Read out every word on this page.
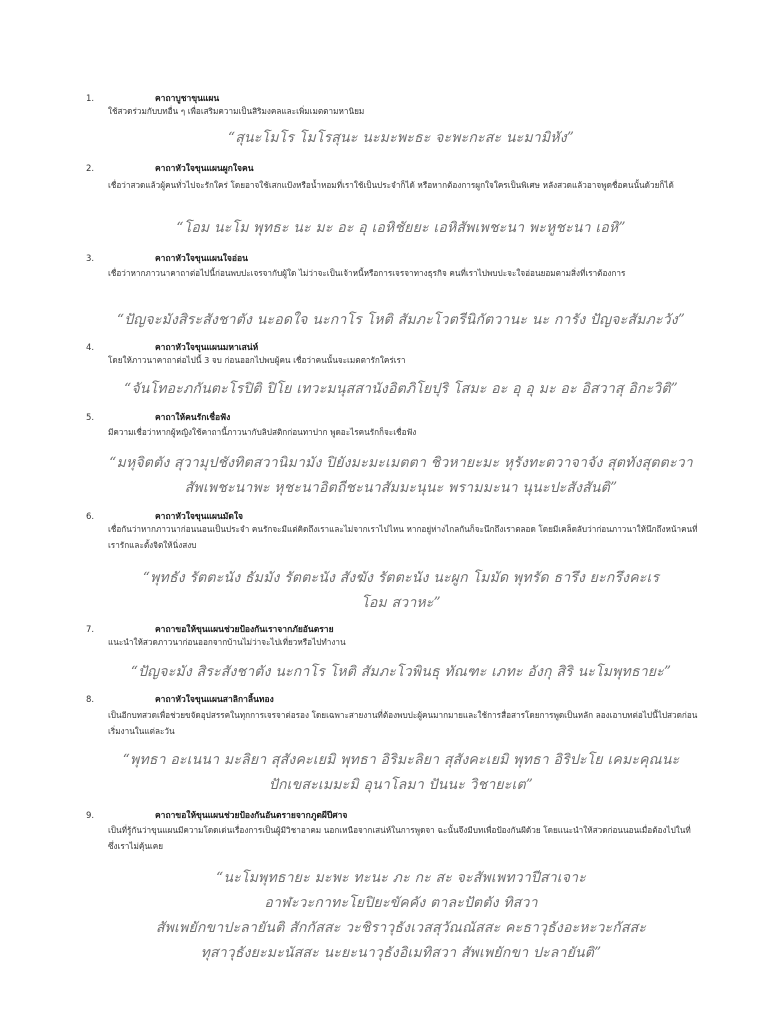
1.	คาถาบูชาขุนแผน
ใช้สวดร่วมกับบทอื่น ๆ เพื่อเสริมความเป็นสิริมงคลและเพิ่มเมตตามหานิยม
“สุนะโมโร โมโรสุนะ นะมะพะธะ จะพะกะสะ นะมามิหัง”
2.	คาถาหัวใจขุนแผนผูกใจคน
เชื่อว่าสวดแล้วผู้คนทั่วไปจะรักใคร่ โดยอาจใช้เสกแป้งหรือน้ำหอมที่เราใช้เป็นประจำก็ได้ หรือหากต้องการผูกใจใครเป็นพิเศษ หลังสวดแล้วอาจพูดชื่อคนนั้นด้วยก็ได้
“โอม นะโม พุทธะ นะ มะ อะ อุ เอหิชัยยะ เอหิสัพเพชะนา พะหูชะนา เอหิ”
3.	คาถาหัวใจขุนแผนใจอ่อน
เชื่อว่าหากภาวนาคาถาต่อไปนี้ก่อนพบปะเจรจากับผู้ใด ไม่ว่าจะเป็นเจ้าหนี้หรือการเจรจาทางธุรกิจ คนที่เราไปพบปะจะใจอ่อนยอมตามสิ่งที่เราต้องการ
“ปัญจะมังสิระสังชาตัง นะอดใจ นะกาโร โหติ สัมภะโวตรีนิกัตวานะ นะ การัง ปัญจะสัมภะวัง”
4.	คาถาหัวใจขุนแผนมหาเสน่ห์
โดยให้ภาวนาคาถาต่อไปนี้ 3 จบ ก่อนออกไปพบผู้คน เชื่อว่าคนนั้นจะเมตตารักใคร่เรา
“จันโทอะภกันตะโรปิติ ปิโย เทวะมนุสสานังอิตภิโยปุริ โสมะ อะ อุ อุ มะ อะ อิสวาสุ อิกะวิติ”
5.	คาถาให้คนรักเชื่อฟัง
มีความเชื่อว่าหากผู้หญิงใช้คาถานี้ภาวนากับลิปสติกก่อนทาปาก พูดอะไรคนรักก็จะเชื่อฟัง
“มหุจิตตัง สุวามุปชังทิตสวานิมามัง ปิยังมะมะเมตตา ชิวหายะมะ หุรังทะตวาจาจัง สุตทังสุตตะวา
สัพเพชะนาพะ หุชะนาอิตถีชะนาสัมมะนุนะ พรามมะนา นุนะปะสังสันติ”
6.	คาถาหัวใจขุนแผนมัดใจ
เชื่อกันว่าหากภาวนาก่อนนอนเป็นประจำ คนรักจะมีแต่คิดถึงเราและไม่จากเราไปไหน หากอยู่ห่างไกลกันก็จะนึกถึงเราตลอด โดยมีเคล็ดลับว่าก่อนภาวนาให้นึกถึงหน้าคนที่เรารักและตั้งจิตให้นิ่งสงบ
“พุทธัง รัตตะนัง ธัมมัง รัตตะนัง สังฆัง รัตตะนัง นะผูก โมมัด พุทรัด ธารึง ยะกรึงคะเร
โอม สวาหะ”
7.	คาถาขอให้ขุนแผนช่วยป้องกันเราจากภัยอันตราย
แนะนำให้สวดภาวนาก่อนออกจากบ้านไม่ว่าจะไปเที่ยวหรือไปทำงาน
“ปัญจะมัง สิระสังชาตัง นะกาโร โหติ สัมภะโวพินธุ ทัณฑะ เภทะ อังกุ สิริ นะโมพุทธายะ”
8.	คาถาหัวใจขุนแผนสาลิกาลิ้นทอง
เป็นอีกบทสวดเพื่อช่วยขจัดอุปสรรคในทุกการเจรจาต่อรอง โดยเฉพาะสายงานที่ต้องพบปะผู้คนมากมายและใช้การสื่อสารโดยการพูดเป็นหลัก ลองเอาบทต่อไปนี้ไปสวดก่อนเริ่มงานในแต่ละวัน
“พุทธา อะเนนา มะลิยา สุสังคะเยมิ พุทธา อิริมะลิยา สุสังคะเยมิ พุทธา อิริปะโย เคมะคุณนะ
ปักเขสะเมมะมิ อุนาโลมา ปันนะ วิชายะเต”
9.	คาถาขอให้ขุนแผนช่วยป้องกันอันตรายจากภูตผีปีศาจ
เป็นที่รู้กันว่าขุนแผนมีความโดดเด่นเรื่องการเป็นผู้มีวิชาอาคม นอกเหนือจากเสน่ห์ในการพูดจา ฉะนั้นจึงมีบทเพื่อป้องกันผีด้วย โดยแนะนำให้สวดก่อนนอนเมื่อต้องไปในที่ซึ่งเราไม่คุ้นเคย
“นะโมพุทธายะ มะพะ ทะนะ ภะ กะ สะ จะสัพเพทวาปีสาเจาะ
อาฬะวะกาทะโยปิยะขัคคัง ตาละปัตตัง ทิสวา
สัพเพยักขาปะลายันติ สักกัสสะ วะชิราวุธังเวสสุวัณณัสสะ คะธาวุธังอะหะวะกัสสะ
ทุสาวุธังยะมะนัสสะ นะยะนาวุธังอิเมทิสวา สัพเพยักขา ปะลายันติ”
